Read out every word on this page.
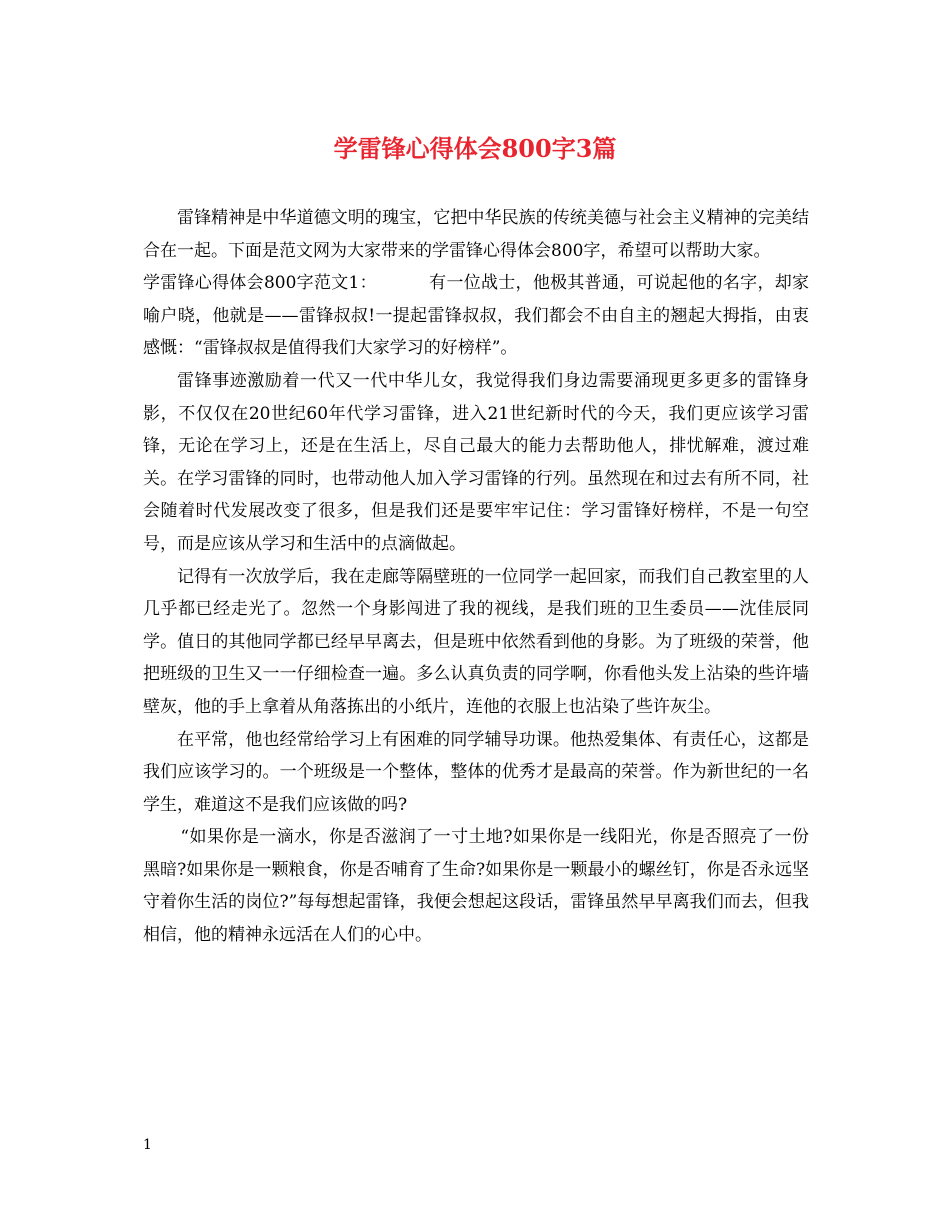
学雷锋心得体会800字3篇

雷锋精神是中华道德文明的瑰宝，它把中华民族的传统美德与社会主义精神的完美结合在一起。下面是范文网为大家带来的学雷锋心得体会800字，希望可以帮助大家。

学雷锋心得体会800字范文1：	有一位战士，他极其普通，可说起他的名字，却家喻户晓，他就是——雷锋叔叔!一提起雷锋叔叔，我们都会不由自主的翘起大拇指，由衷感慨：“雷锋叔叔是值得我们大家学习的好榜样”。

雷锋事迹激励着一代又一代中华儿女，我觉得我们身边需要涌现更多更多的雷锋身影，不仅仅在20世纪60年代学习雷锋，进入21世纪新时代的今天，我们更应该学习雷锋，无论在学习上，还是在生活上，尽自己最大的能力去帮助他人，排忧解难，渡过难关。在学习雷锋的同时，也带动他人加入学习雷锋的行列。虽然现在和过去有所不同，社会随着时代发展改变了很多，但是我们还是要牢牢记住：学习雷锋好榜样，不是一句空号，而是应该从学习和生活中的点滴做起。

记得有一次放学后，我在走廊等隔壁班的一位同学一起回家，而我们自己教室里的人几乎都已经走光了。忽然一个身影闯进了我的视线，是我们班的卫生委员——沈佳辰同学。值日的其他同学都已经早早离去，但是班中依然看到他的身影。为了班级的荣誉，他把班级的卫生又一一仔细检查一遍。多么认真负责的同学啊，你看他头发上沾染的些许墙壁灰，他的手上拿着从角落拣出的小纸片，连他的衣服上也沾染了些许灰尘。

在平常，他也经常给学习上有困难的同学辅导功课。他热爱集体、有责任心，这都是我们应该学习的。一个班级是一个整体，整体的优秀才是最高的荣誉。作为新世纪的一名学生，难道这不是我们应该做的吗?

“如果你是一滴水，你是否滋润了一寸土地?如果你是一线阳光，你是否照亮了一份黑暗?如果你是一颗粮食，你是否哺育了生命?如果你是一颗最小的螺丝钉，你是否永远坚守着你生活的岗位?”每每想起雷锋，我便会想起这段话，雷锋虽然早早离我们而去，但我相信，他的精神永远活在人们的心中。

1
